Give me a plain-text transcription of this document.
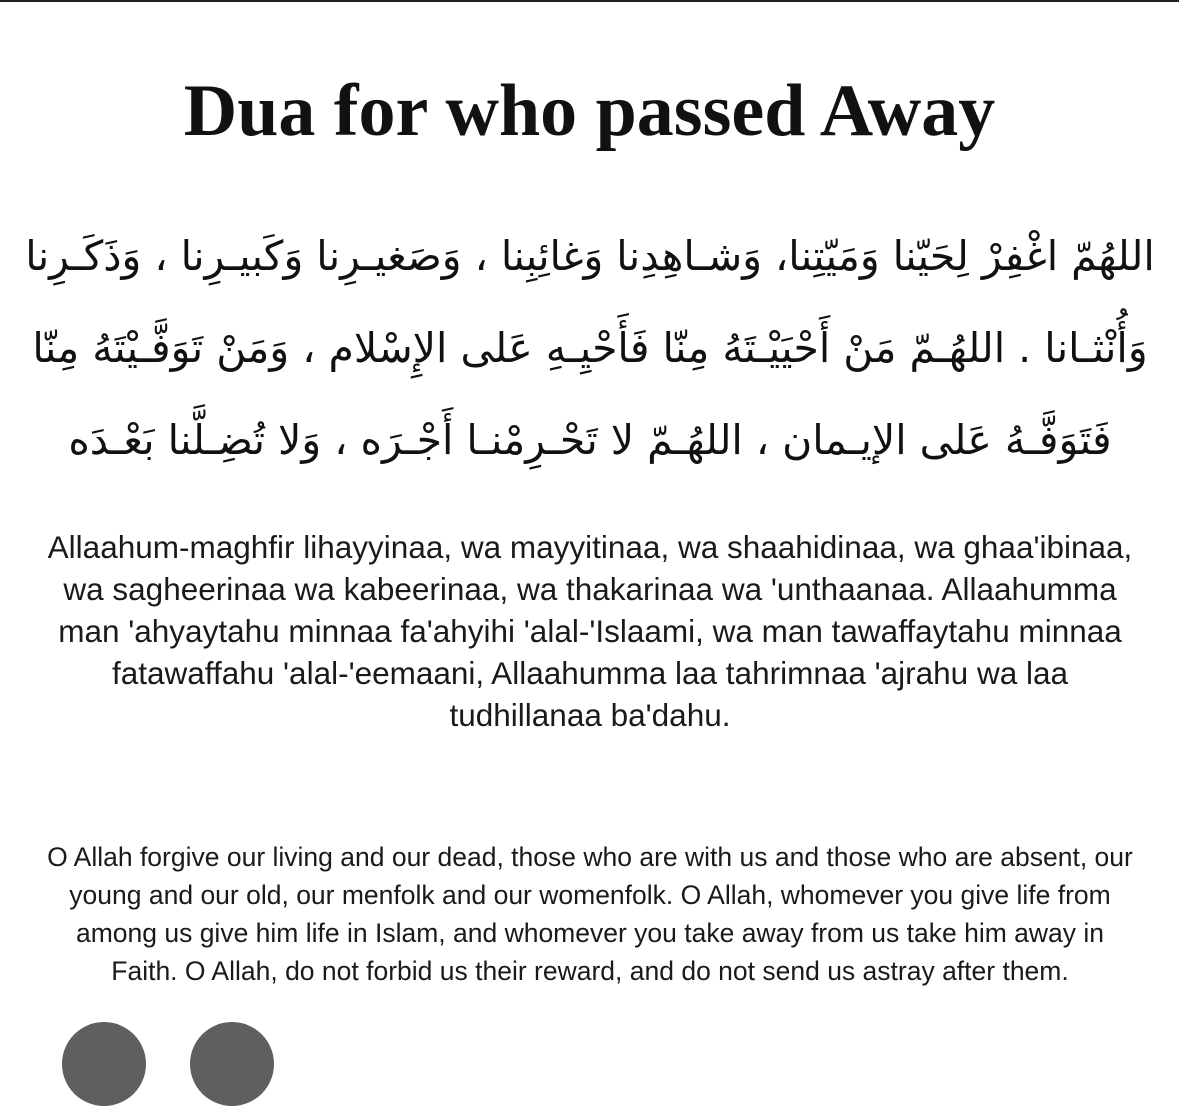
Dua for who passed Away

اللهُمّ اغْفِرْ لِحَيّنا وَمَيّتِنا، وَشـاهِدِنا وَغائِبِنا ، وَصَغيـرِنا وَكَبيـرِنا ، وَذَكَـرِنا وَأُنْثـانا . اللهُـمّ مَنْ أَحْيَيْـتَهُ مِنّا فَأَحْيِـهِ عَلى الإِسْلام ، وَمَنْ تَوَفَّـيْتَهُ مِنّا فَتَوَفَّـهُ عَلى الإيـمان ، اللهُـمّ لا تَحْـرِمْنـا أَجْـرَه ، وَلا تُضِـلَّنا بَعْـدَه

Allaahum-maghfir lihayyinaa, wa mayyitinaa, wa shaahidinaa, wa ghaa'ibinaa, wa sagheerinaa wa kabeerinaa, wa thakarinaa wa 'unthaanaa. Allaahumma man 'ahyaytahu minnaa fa'ahyihi 'alal-'Islaami, wa man tawaffaytahu minnaa fatawaffahu 'alal-'eemaani, Allaahumma laa tahrimnaa 'ajrahu wa laa tudhillanaa ba'dahu.

O Allah forgive our living and our dead, those who are with us and those who are absent, our young and our old, our menfolk and our womenfolk. O Allah, whomever you give life from among us give him life in Islam, and whomever you take away from us take him away in Faith. O Allah, do not forbid us their reward, and do not send us astray after them.
